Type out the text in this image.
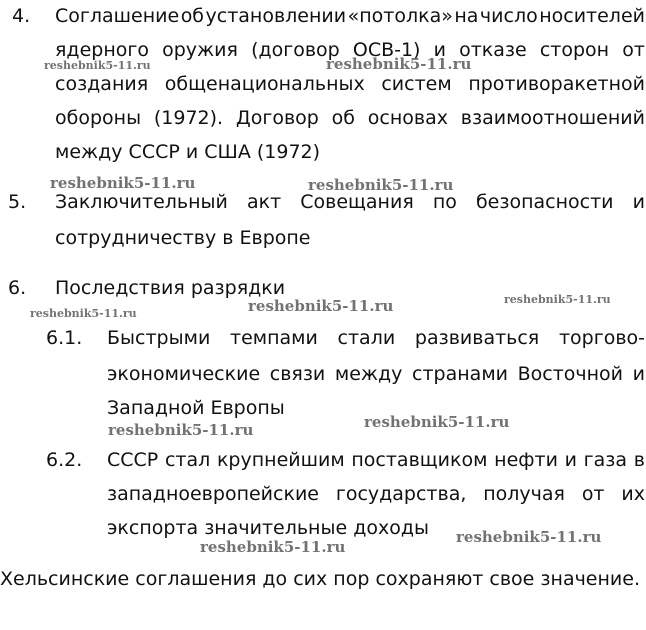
4. Соглашение об установлении «потолка» на число носителей
ядерного оружия (договор ОСВ-1) и отказе сторон от
создания общенациональных систем противоракетной
обороны (1972). Договор об основах взаимоотношений
между СССР и США (1972)
5. Заключительный акт Совещания по безопасности и
сотрудничеству в Европе
6. Последствия разрядки
6.1. Быстрыми темпами стали развиваться торгово-
экономические связи между странами Восточной и
Западной Европы
6.2. СССР стал крупнейшим поставщиком нефти и газа в
западноевропейские государства, получая от их
экспорта значительные доходы
Хельсинские соглашения до сих пор сохраняют свое значение.
reshebnik5-11.ru	reshebnik5-11.ru
reshebnik5-11.ru	reshebnik5-11.ru
reshebnik5-11.ru	reshebnik5-11.ru	reshebnik5-11.ru
reshebnik5-11.ru
reshebnik5-11.ru
reshebnik5-11.ru
reshebnik5-11.ru
